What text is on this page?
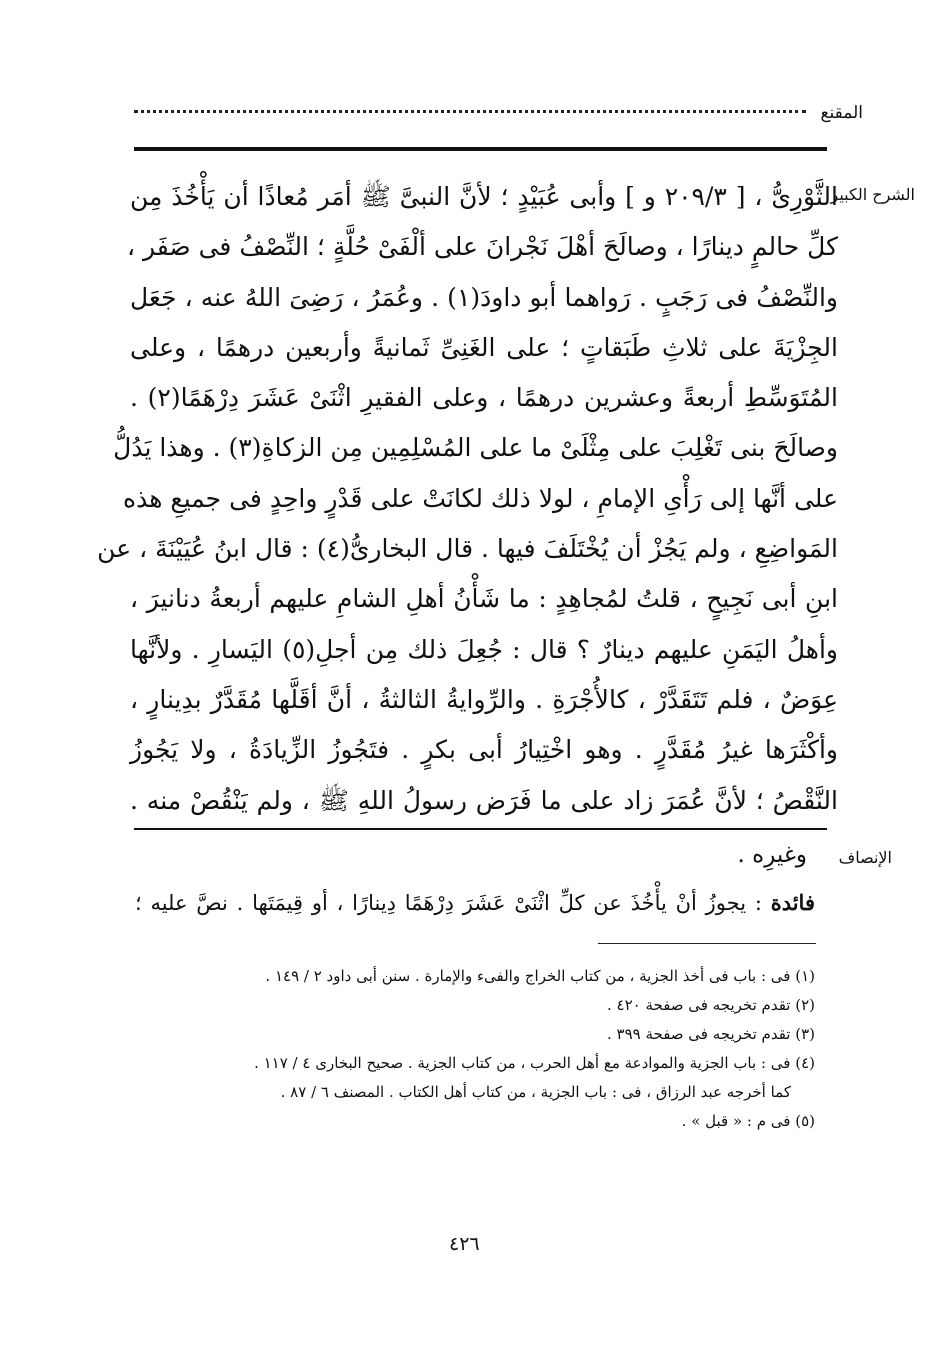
المقنع
الشرح الكبير
الثَّوْرِىُّ ، [ ٢٠٩/٣ و ] وأبى عُبَيْدٍ ؛ لأنَّ النبىَّ ﷺ أمَر مُعاذًا أن يَأْخُذَ مِن
كلِّ حالمٍ دينارًا ، وصالَحَ أهْلَ نَجْرانَ على ألْفَىْ حُلَّةٍ ؛ النِّصْفُ فى صَفَر ،
والنِّصْفُ فى رَجَبٍ . رَواهما أبو داودَ(١) . وعُمَرُ ، رَضِىَ اللهُ عنه ، جَعَل
الجِزْيَةَ على ثلاثِ طَبَقاتٍ ؛ على الغَنِىِّ ثَمانيةً وأربعين درهمًا ، وعلى
المُتَوَسِّطِ أربعةً وعشرين درهمًا ، وعلى الفقيرِ اثْنَىْ عَشَرَ دِرْهَمًا(٢) .
وصالَحَ بنى تَغْلِبَ على مِثْلَىْ ما على المُسْلِمِين مِن الزكاةِ(٣) . وهذا يَدُلُّ
على أنَّها إلى رَأْىِ الإمامِ ، لولا ذلك لكانَتْ على قَدْرٍ واحِدٍ فى جميعِ هذه
المَواضِعِ ، ولم يَجُزْ أن يُخْتَلَفَ فيها . قال البخارىُّ(٤) : قال ابنُ عُيَيْنَةَ ، عن
ابنِ أبى نَجِيحٍ ، قلتُ لمُجاهِدٍ : ما شَأْنُ أهلِ الشامِ عليهم أربعةُ دنانيرَ ،
وأهلُ اليَمَنِ عليهم دينارٌ ؟ قال : جُعِلَ ذلك مِن أجلِ(٥) اليَسارِ . ولأنَّها
عِوَضٌ ، فلم تَتَقَدَّرْ ، كالأُجْرَةِ . والرِّوايةُ الثالثةُ ، أنَّ أقَلَّها مُقَدَّرٌ بدِينارٍ ،
وأكْثَرَها غيرُ مُقَدَّرٍ . وهو اخْتِيارُ أبى بكرٍ . فتَجُوزُ الزِّيادَةُ ، ولا يَجُوزُ
النَّقْصُ ؛ لأنَّ عُمَرَ زاد على ما فَرَض رسولُ اللهِ ﷺ ، ولم يَنْقُصْ منه .
الإنصاف
وغيرِه .
فائدة : يجوزُ أنْ يأْخُذَ عن كلِّ اثْنَىْ عَشَرَ دِرْهَمًا دِينارًا ، أو قِيمَتَها . نصَّ عليه ؛
(١) فى : باب فى أخذ الجزية ، من كتاب الخراج والفىء والإمارة . سنن أبى داود ٢ / ١٤٩ .
(٢) تقدم تخريجه فى صفحة ٤٢٠ .
(٣) تقدم تخريجه فى صفحة ٣٩٩ .
(٤) فى : باب الجزية والموادعة مع أهل الحرب ، من كتاب الجزية . صحيح البخارى ٤ / ١١٧ .
كما أخرجه عبد الرزاق ، فى : باب الجزية ، من كتاب أهل الكتاب . المصنف ٦ / ٨٧ .
(٥) فى م : « قبل » .
٤٢٦
